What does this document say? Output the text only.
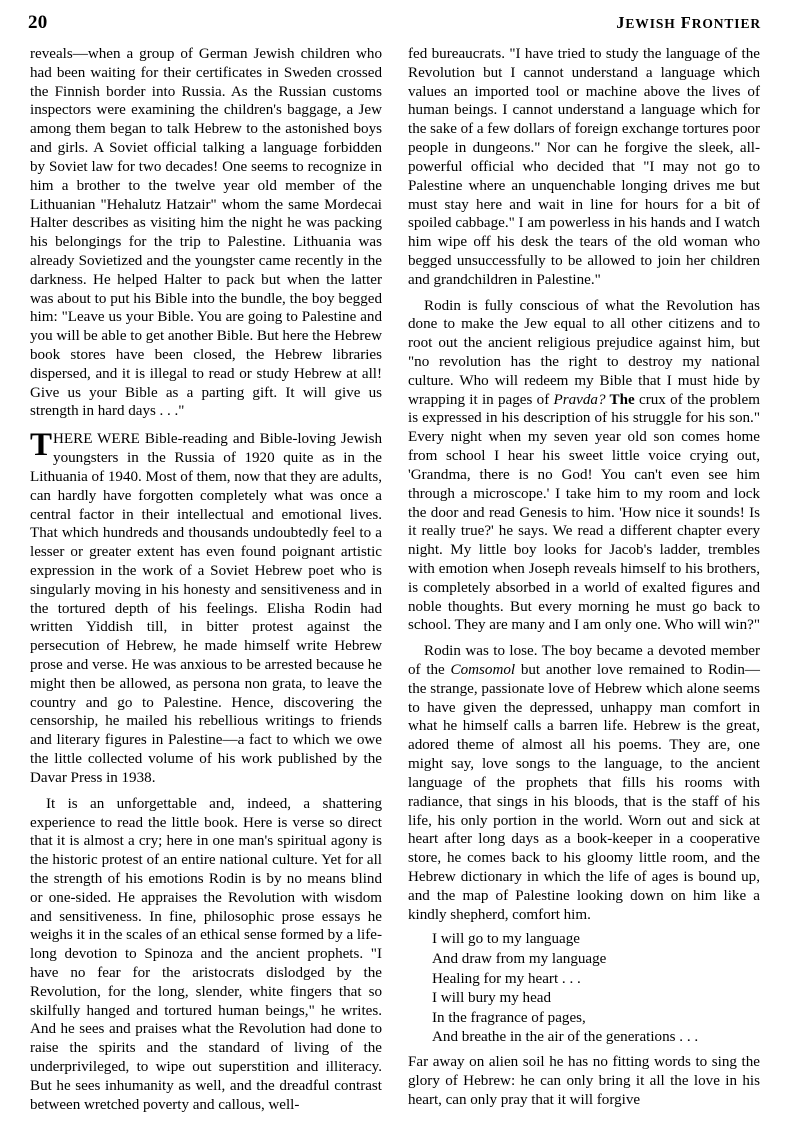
20	JEWISH FRONTIER

reveals—when a group of German Jewish children who had been waiting for their certificates in Sweden crossed the Finnish border into Russia. As the Russian customs inspectors were examining the children's baggage, a Jew among them began to talk Hebrew to the astonished boys and girls. A Soviet official talking a language forbidden by Soviet law for two decades! One seems to recognize in him a brother to the twelve year old member of the Lithuanian "Hehalutz Hatzair" whom the same Mordecai Halter describes as visiting him the night he was packing his belongings for the trip to Palestine. Lithuania was already Sovietized and the youngster came recently in the darkness. He helped Halter to pack but when the latter was about to put his Bible into the bundle, the boy begged him: "Leave us your Bible. You are going to Palestine and you will be able to get another Bible. But here the Hebrew book stores have been closed, the Hebrew libraries dispersed, and it is illegal to read or study Hebrew at all! Give us your Bible as a parting gift. It will give us strength in hard days . . ."

THERE WERE Bible-reading and Bible-loving Jewish youngsters in the Russia of 1920 quite as in the Lithuania of 1940. Most of them, now that they are adults, can hardly have forgotten completely what was once a central factor in their intellectual and emotional lives. That which hundreds and thousands undoubtedly feel to a lesser or greater extent has even found poignant artistic expression in the work of a Soviet Hebrew poet who is singularly moving in his honesty and sensitiveness and in the tortured depth of his feelings. Elisha Rodin had written Yiddish till, in bitter protest against the persecution of Hebrew, he made himself write Hebrew prose and verse. He was anxious to be arrested because he might then be allowed, as persona non grata, to leave the country and go to Palestine. Hence, discovering the censorship, he mailed his rebellious writings to friends and literary figures in Palestine—a fact to which we owe the little collected volume of his work published by the Davar Press in 1938.

It is an unforgettable and, indeed, a shattering experience to read the little book. Here is verse so direct that it is almost a cry; here in one man's spiritual agony is the historic protest of an entire national culture. Yet for all the strength of his emotions Rodin is by no means blind or one-sided. He appraises the Revolution with wisdom and sensitiveness. In fine, philosophic prose essays he weighs it in the scales of an ethical sense formed by a life-long devotion to Spinoza and the ancient prophets. "I have no fear for the aristocrats dislodged by the Revolution, for the long, slender, white fingers that so skilfully hanged and tortured human beings," he writes. And he sees and praises what the Revolution had done to raise the spirits and the standard of living of the underprivileged, to wipe out superstition and illiteracy. But he sees inhumanity as well, and the dreadful contrast between wretched poverty and callous, well-

fed bureaucrats. "I have tried to study the language of the Revolution but I cannot understand a language which values an imported tool or machine above the lives of human beings. I cannot understand a language which for the sake of a few dollars of foreign exchange tortures poor people in dungeons." Nor can he forgive the sleek, all-powerful official who decided that "I may not go to Palestine where an unquenchable longing drives me but must stay here and wait in line for hours for a bit of spoiled cabbage." I am powerless in his hands and I watch him wipe off his desk the tears of the old woman who begged unsuccessfully to be allowed to join her children and grandchildren in Palestine."

Rodin is fully conscious of what the Revolution has done to make the Jew equal to all other citizens and to root out the ancient religious prejudice against him, but "no revolution has the right to destroy my national culture. Who will redeem my Bible that I must hide by wrapping it in pages of Pravda? The crux of the problem is expressed in his description of his struggle for his son." Every night when my seven year old son comes home from school I hear his sweet little voice crying out, 'Grandma, there is no God! You can't even see him through a microscope.' I take him to my room and lock the door and read Genesis to him. 'How nice it sounds! Is it really true?' he says. We read a different chapter every night. My little boy looks for Jacob's ladder, trembles with emotion when Joseph reveals himself to his brothers, is completely absorbed in a world of exalted figures and noble thoughts. But every morning he must go back to school. They are many and I am only one. Who will win?"

Rodin was to lose. The boy became a devoted member of the Comsomol but another love remained to Rodin—the strange, passionate love of Hebrew which alone seems to have given the depressed, unhappy man comfort in what he himself calls a barren life. Hebrew is the great, adored theme of almost all his poems. They are, one might say, love songs to the language, to the ancient language of the prophets that fills his rooms with radiance, that sings in his bloods, that is the staff of his life, his only portion in the world. Worn out and sick at heart after long days as a book-keeper in a cooperative store, he comes back to his gloomy little room, and the Hebrew dictionary in which the life of ages is bound up, and the map of Palestine looking down on him like a kindly shepherd, comfort him.

I will go to my language
And draw from my language
Healing for my heart . . .
I will bury my head
In the fragrance of pages,
And breathe in the air of the generations . . .

Far away on alien soil he has no fitting words to sing the glory of Hebrew: he can only bring it all the love in his heart, can only pray that it will forgive
